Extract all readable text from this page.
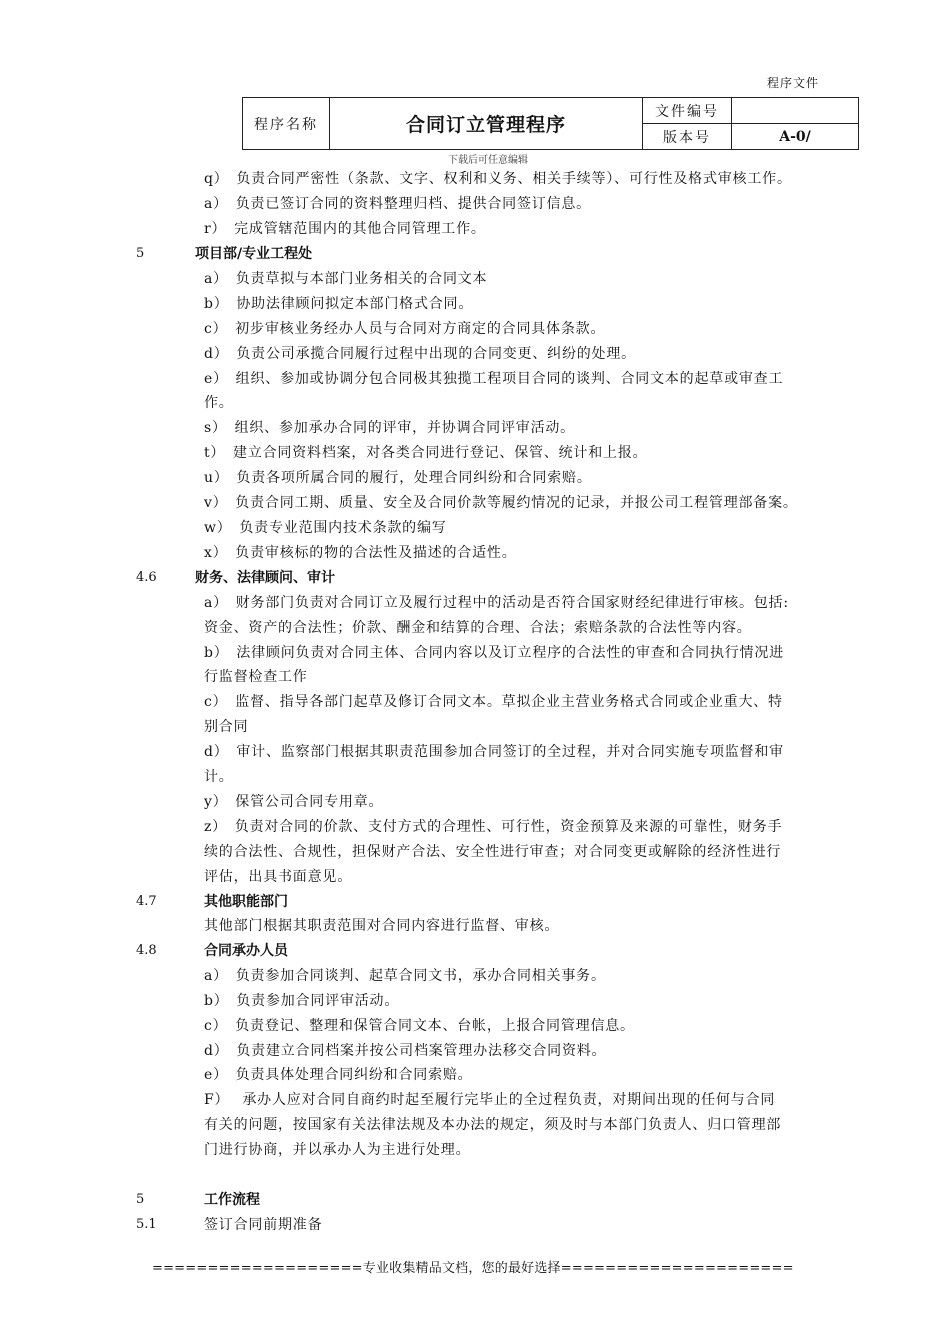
程序文件
程序名称	合同订立管理程序	文件编号	
		版本号	A-0/
下载后可任意编辑
q）　负责合同严密性（条款、文字、权利和义务、相关手续等）、可行性及格式审核工作。
a）　负责已签订合同的资料整理归档、提供合同签订信息。
r）　完成管辖范围内的其他合同管理工作。
5	项目部/专业工程处
a）　负责草拟与本部门业务相关的合同文本
b）　协助法律顾问拟定本部门格式合同。
c）　初步审核业务经办人员与合同对方商定的合同具体条款。
d）　负责公司承揽合同履行过程中出现的合同变更、纠纷的处理。
e）　组织、参加或协调分包合同极其独揽工程项目合同的谈判、合同文本的起草或审查工
作。
s）　组织、参加承办合同的评审，并协调合同评审活动。
t）　建立合同资料档案，对各类合同进行登记、保管、统计和上报。
u）　负责各项所属合同的履行，处理合同纠纷和合同索赔。
v）　负责合同工期、质量、安全及合同价款等履约情况的记录，并报公司工程管理部备案。
w）　负责专业范围内技术条款的编写
x）　负责审核标的物的合法性及描述的合适性。
4.6	财务、法律顾问、审计
a）　财务部门负责对合同订立及履行过程中的活动是否符合国家财经纪律进行审核。包括:
资金、资产的合法性；价款、酬金和结算的合理、合法；索赔条款的合法性等内容。
b）　法律顾问负责对合同主体、合同内容以及订立程序的合法性的审查和合同执行情况进
行监督检查工作
c）　监督、指导各部门起草及修订合同文本。草拟企业主营业务格式合同或企业重大、特
别合同
d）　审计、监察部门根据其职责范围参加合同签订的全过程，并对合同实施专项监督和审
计。
y）　保管公司合同专用章。
z）　负责对合同的价款、支付方式的合理性、可行性，资金预算及来源的可靠性，财务手
续的合法性、合规性，担保财产合法、安全性进行审查；对合同变更或解除的经济性进行
评估，出具书面意见。
4.7	其他职能部门
其他部门根据其职责范围对合同内容进行监督、审核。
4.8	合同承办人员
a）　负责参加合同谈判、起草合同文书，承办合同相关事务。
b）　负责参加合同评审活动。
c）　负责登记、整理和保管合同文本、台帐，上报合同管理信息。
d）　负责建立合同档案并按公司档案管理办法移交合同资料。
e）　负责具体处理合同纠纷和合同索赔。
F）　 承办人应对合同自商约时起至履行完毕止的全过程负责，对期间出现的任何与合同
有关的问题，按国家有关法律法规及本办法的规定，须及时与本部门负责人、归口管理部
门进行协商，并以承办人为主进行处理。
5	工作流程
5.1	签订合同前期准备
===================专业收集精品文档，您的最好选择=====================
